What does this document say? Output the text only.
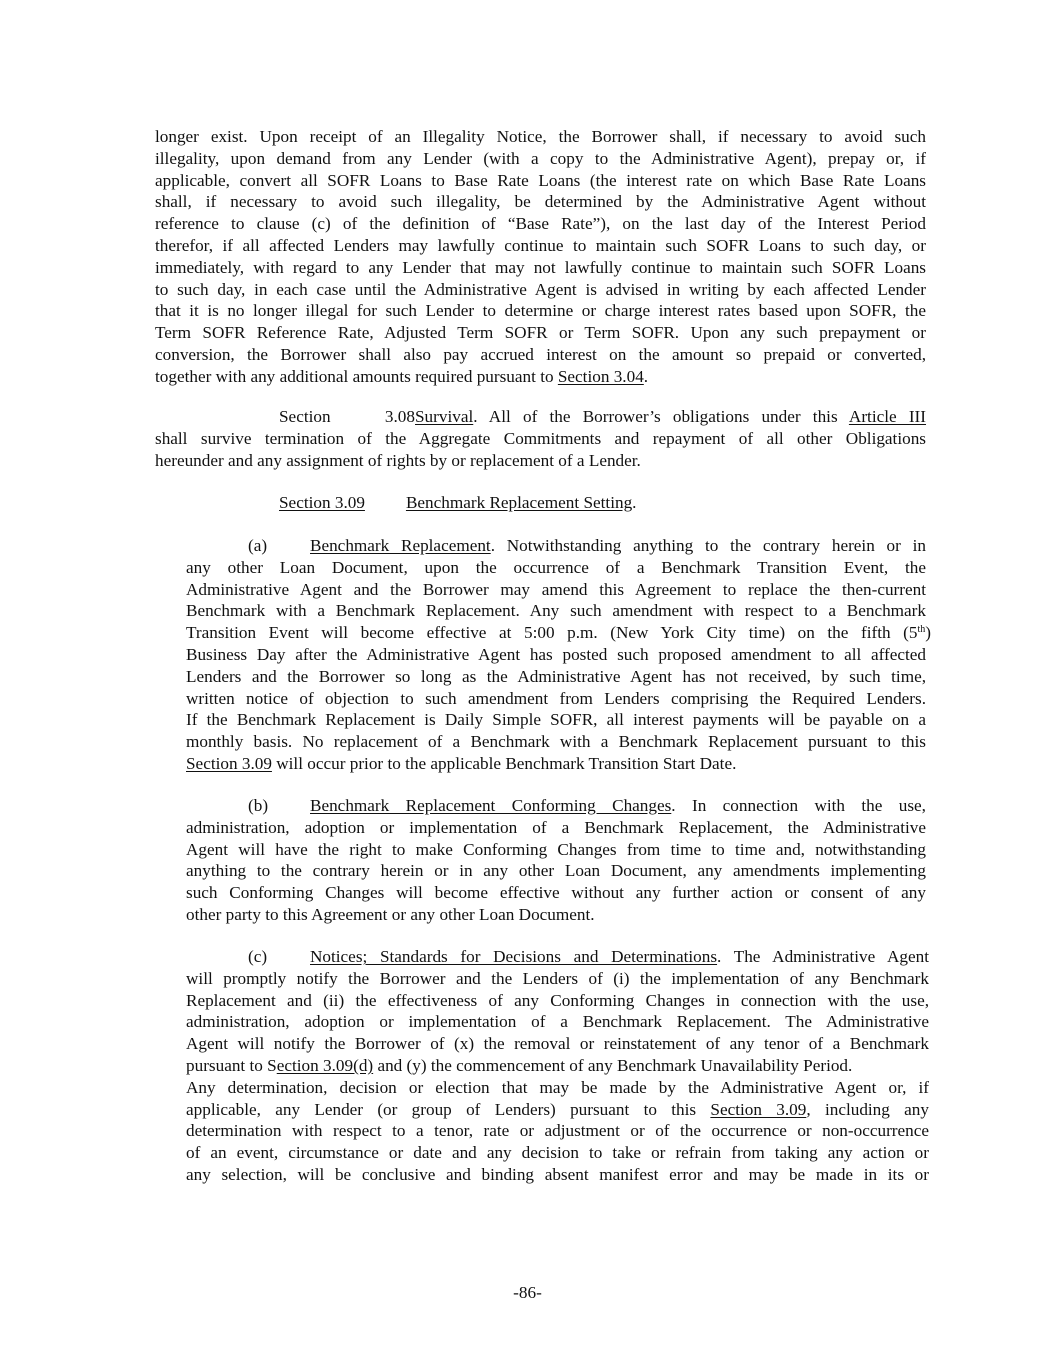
longer exist. Upon receipt of an Illegality Notice, the Borrower shall, if necessary to avoid such
illegality, upon demand from any Lender (with a copy to the Administrative Agent), prepay or, if
applicable, convert all SOFR Loans to Base Rate Loans (the interest rate on which Base Rate Loans
shall, if necessary to avoid such illegality, be determined by the Administrative Agent without
reference to clause (c) of the definition of “Base Rate”), on the last day of the Interest Period
therefor, if all affected Lenders may lawfully continue to maintain such SOFR Loans to such day, or
immediately, with regard to any Lender that may not lawfully continue to maintain such SOFR Loans
to such day, in each case until the Administrative Agent is advised in writing by each affected Lender
that it is no longer illegal for such Lender to determine or charge interest rates based upon SOFR, the
Term SOFR Reference Rate, Adjusted Term SOFR or Term SOFR. Upon any such prepayment or
conversion, the Borrower shall also pay accrued interest on the amount so prepaid or converted,
together with any additional amounts required pursuant to Section 3.04.
Section 3.08Survival. All of the Borrower’s obligations under this Article III
shall survive termination of the Aggregate Commitments and repayment of all other Obligations
hereunder and any assignment of rights by or replacement of a Lender.
Section 3.09 Benchmark Replacement Setting.
(a) Benchmark Replacement. Notwithstanding anything to the contrary herein or in
any other Loan Document, upon the occurrence of a Benchmark Transition Event, the
Administrative Agent and the Borrower may amend this Agreement to replace the then-current
Benchmark with a Benchmark Replacement. Any such amendment with respect to a Benchmark
Transition Event will become effective at 5:00 p.m. (New York City time) on the fifth (5th)
Business Day after the Administrative Agent has posted such proposed amendment to all affected
Lenders and the Borrower so long as the Administrative Agent has not received, by such time,
written notice of objection to such amendment from Lenders comprising the Required Lenders.
If the Benchmark Replacement is Daily Simple SOFR, all interest payments will be payable on a
monthly basis. No replacement of a Benchmark with a Benchmark Replacement pursuant to this
Section 3.09 will occur prior to the applicable Benchmark Transition Start Date.
(b) Benchmark Replacement Conforming Changes. In connection with the use,
administration, adoption or implementation of a Benchmark Replacement, the Administrative
Agent will have the right to make Conforming Changes from time to time and, notwithstanding
anything to the contrary herein or in any other Loan Document, any amendments implementing
such Conforming Changes will become effective without any further action or consent of any
other party to this Agreement or any other Loan Document.
(c) Notices; Standards for Decisions and Determinations. The Administrative Agent
will promptly notify the Borrower and the Lenders of (i) the implementation of any Benchmark
Replacement and (ii) the effectiveness of any Conforming Changes in connection with the use,
administration, adoption or implementation of a Benchmark Replacement. The Administrative
Agent will notify the Borrower of (x) the removal or reinstatement of any tenor of a Benchmark
pursuant to Section 3.09(d) and (y) the commencement of any Benchmark Unavailability Period.
Any determination, decision or election that may be made by the Administrative Agent or, if
applicable, any Lender (or group of Lenders) pursuant to this Section 3.09, including any
determination with respect to a tenor, rate or adjustment or of the occurrence or non-occurrence
of an event, circumstance or date and any decision to take or refrain from taking any action or
any selection, will be conclusive and binding absent manifest error and may be made in its or
-86-
